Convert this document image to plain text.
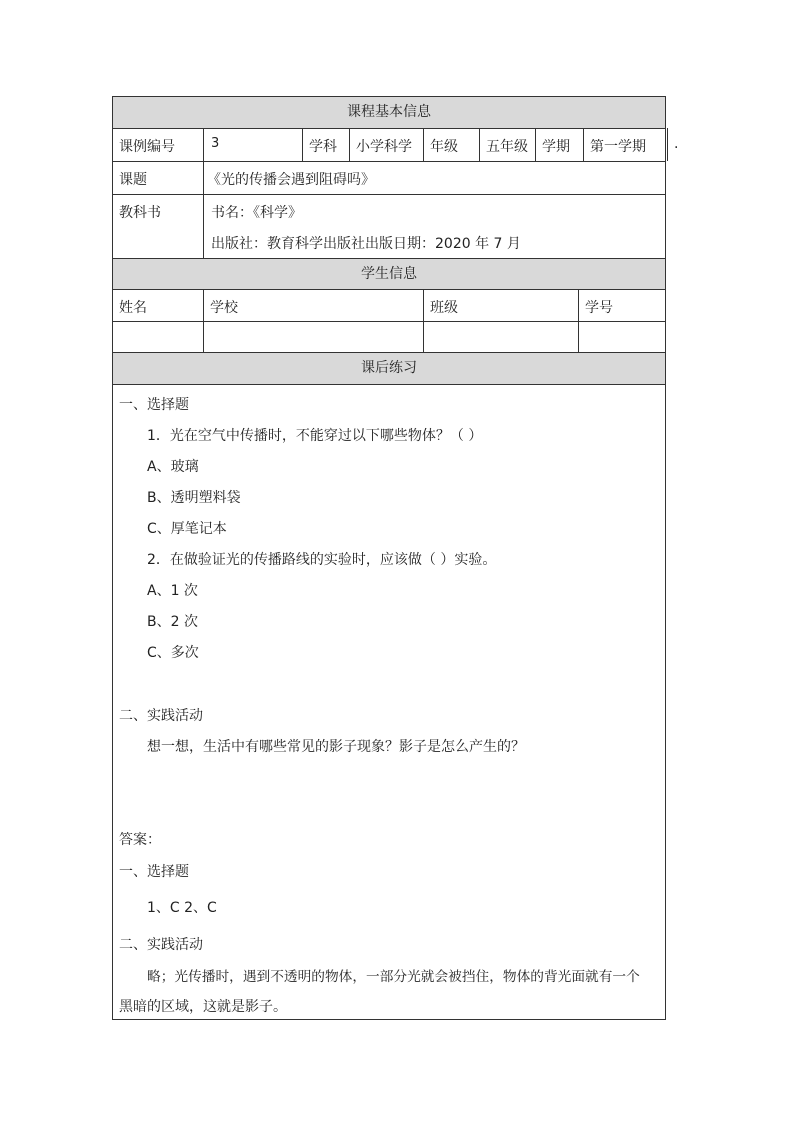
课程基本信息
课例编号	3	学科 小学科学 年级 五年级 学期 第一学期 .
课题	《光的传播会遇到阻碍吗》
教科书	书名：《科学》
出版社：教育科学出版社出版日期：2020 年 7 月
学生信息
姓名	学校	班级	学号
课后练习
一、选择题
1．光在空气中传播时，不能穿过以下哪些物体？（ ）
A、玻璃
B、透明塑料袋
C、厚笔记本
2．在做验证光的传播路线的实验时，应该做（ ）实验。
A、1 次
B、2 次
C、多次
二、实践活动
想一想，生活中有哪些常见的影子现象？影子是怎么产生的？
答案：
一、选择题
1、C 2、C
二、实践活动
略；光传播时，遇到不透明的物体，一部分光就会被挡住，物体的背光面就有一个
黑暗的区域，这就是影子。
